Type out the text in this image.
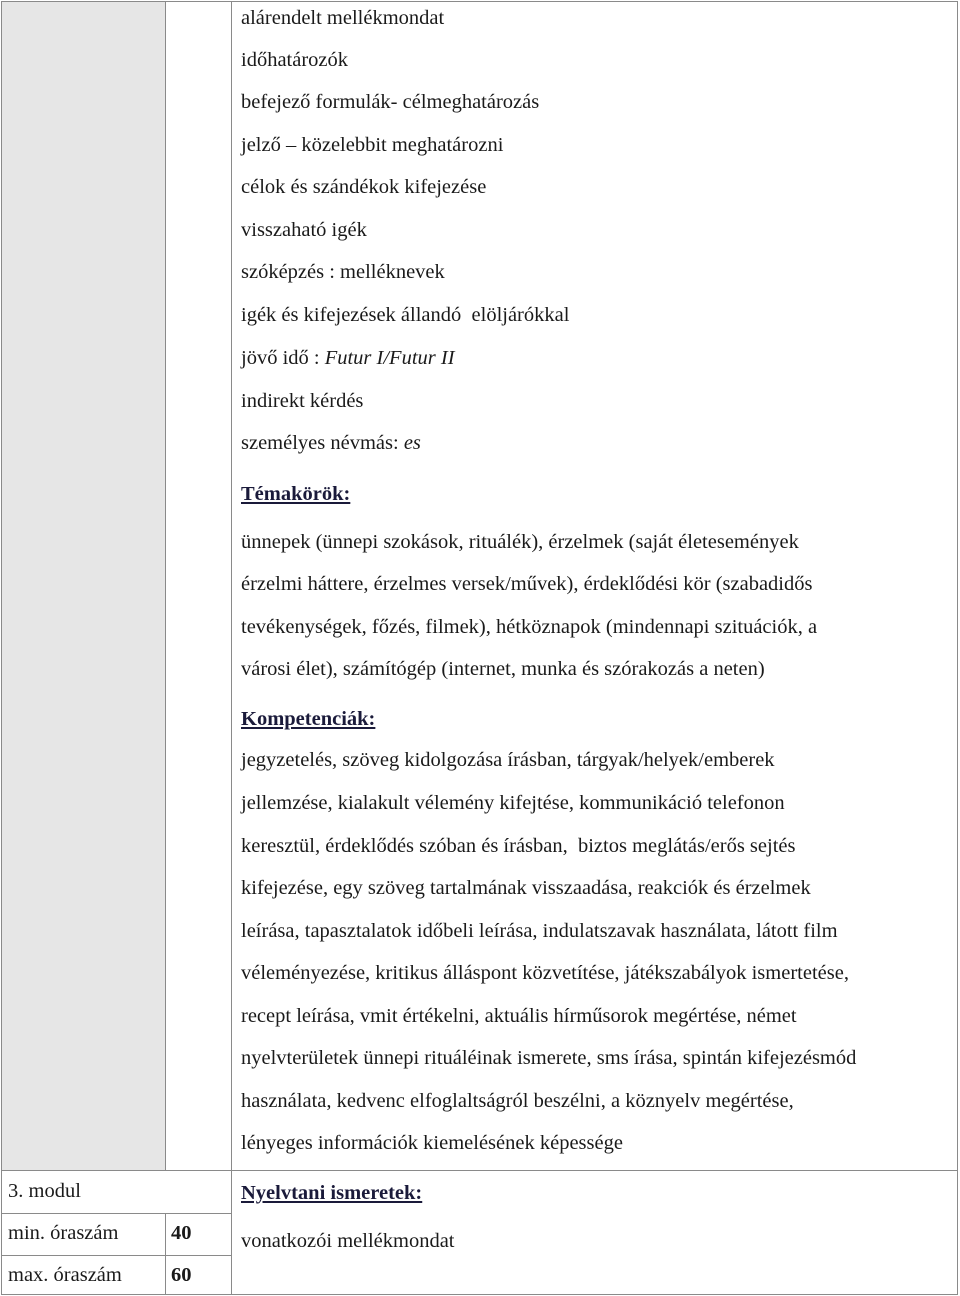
alárendelt mellékmondat
időhatározók
befejező formulák- célmeghatározás
jelző – közelebbit meghatározni
célok és szándékok kifejezése
visszaható igék
szóképzés : melléknevek
igék és kifejezések állandó  elöljárókkal
jövő idő : Futur I/Futur II
indirekt kérdés
személyes névmás: es
Témakörök:
ünnepek (ünnepi szokások, rituálék), érzelmek (saját életesemények
érzelmi háttere, érzelmes versek/művek), érdeklődési kör (szabadidős
tevékenységek, főzés, filmek), hétköznapok (mindennapi szituációk, a
városi élet), számítógép (internet, munka és szórakozás a neten)
Kompetenciák:
jegyzetelés, szöveg kidolgozása írásban, tárgyak/helyek/emberek
jellemzése, kialakult vélemény kifejtése, kommunikáció telefonon
keresztül, érdeklődés szóban és írásban,  biztos meglátás/erős sejtés
kifejezése, egy szöveg tartalmának visszaadása, reakciók és érzelmek
leírása, tapasztalatok időbeli leírása, indulatszavak használata, látott film
véleményezése, kritikus álláspont közvetítése, játékszabályok ismertetése,
recept leírása, vmit értékelni, aktuális hírműsorok megértése, német
nyelvterületek ünnepi rituáléinak ismerete, sms írása, spintán kifejezésmód
használata, kedvenc elfoglaltságról beszélni, a köznyelv megértése,
lényeges információk kiemelésének képessége
3. modul
min. óraszám	40
max. óraszám 60
Nyelvtani ismeretek:
vonatkozói mellékmondat
